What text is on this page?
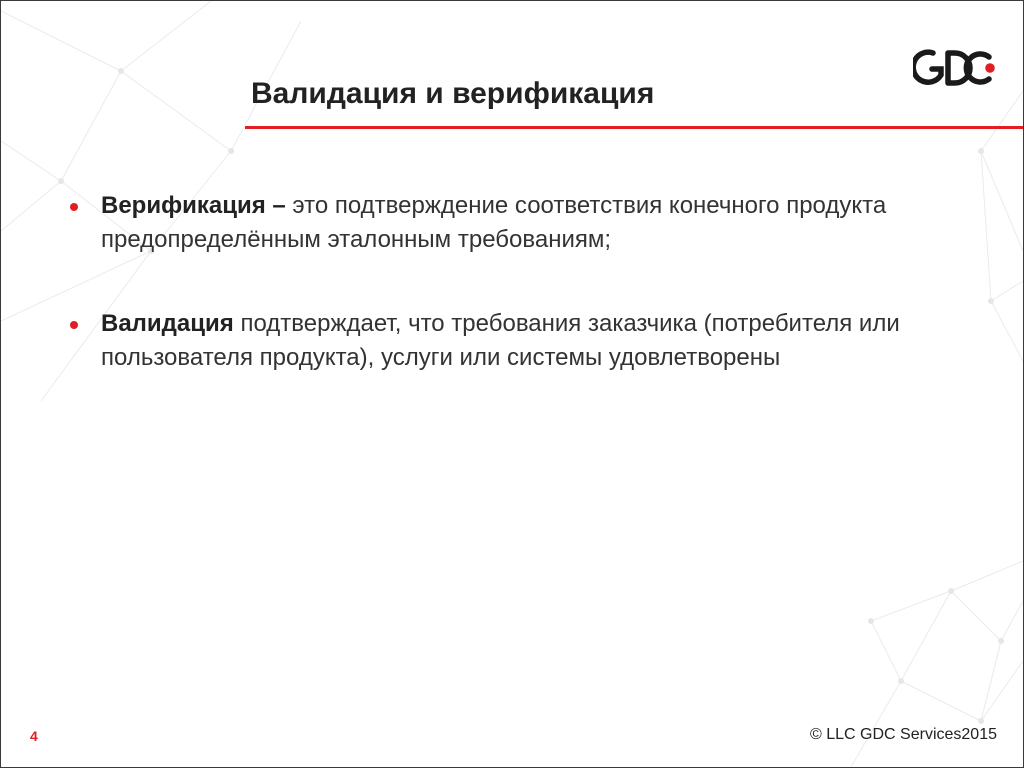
Валидация и верификация
Верификация – это подтверждение соответствия конечного продукта предопределённым эталонным требованиям;
Валидация подтверждает, что требования заказчика (потребителя или пользователя продукта), услуги или системы удовлетворены
4	© LLC GDC Services2015
